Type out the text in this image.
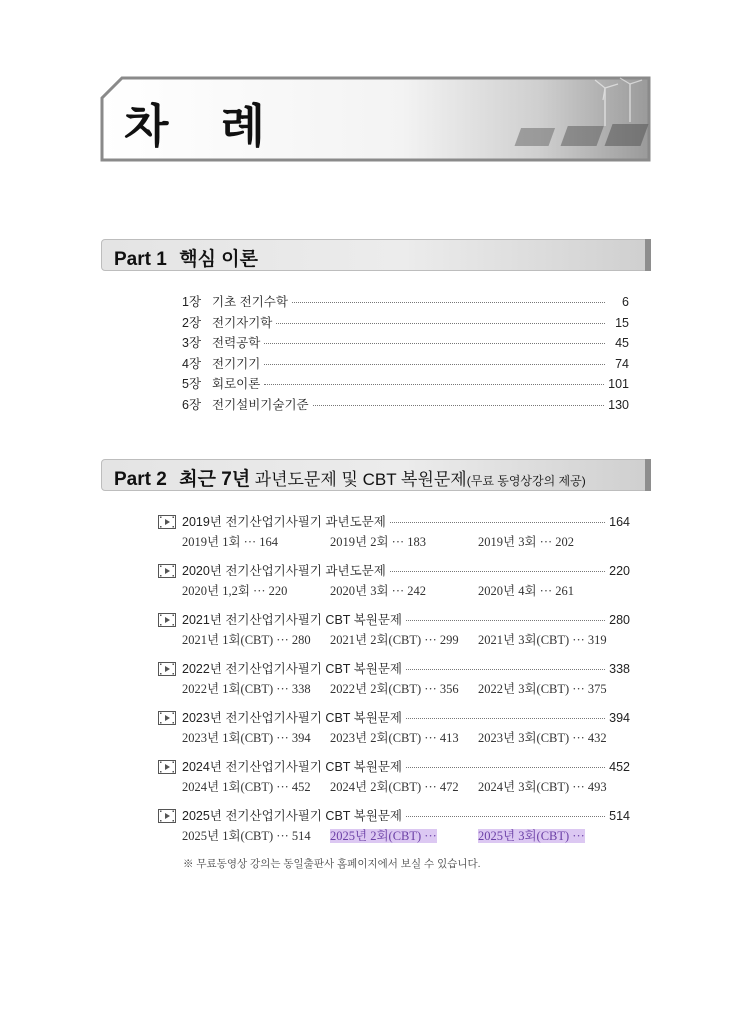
차 례
Part 1 핵심 이론
1장 기초 전기수학	6
2장 전기자기학	15
3장 전력공학	45
4장 전기기기	74
5장 회로이론	101
6장 전기설비기술기준	130
Part 2 최근 7년 과년도문제 및 CBT 복원문제(무료 동영상강의 제공)
2019년 전기산업기사필기 과년도문제	164
2019년 1회 ··· 164	2019년 2회 ··· 183	2019년 3회 ··· 202
2020년 전기산업기사필기 과년도문제	220
2020년 1,2회 ··· 220	2020년 3회 ··· 242	2020년 4회 ··· 261
2021년 전기산업기사필기 CBT 복원문제	280
2021년 1회(CBT) ··· 280	2021년 2회(CBT) ··· 299	2021년 3회(CBT) ··· 319
2022년 전기산업기사필기 CBT 복원문제	338
2022년 1회(CBT) ··· 338	2022년 2회(CBT) ··· 356	2022년 3회(CBT) ··· 375
2023년 전기산업기사필기 CBT 복원문제	394
2023년 1회(CBT) ··· 394	2023년 2회(CBT) ··· 413	2023년 3회(CBT) ··· 432
2024년 전기산업기사필기 CBT 복원문제	452
2024년 1회(CBT) ··· 452	2024년 2회(CBT) ··· 472	2024년 3회(CBT) ··· 493
2025년 전기산업기사필기 CBT 복원문제	514
2025년 1회(CBT) ··· 514	2025년 2회(CBT) ···	2025년 3회(CBT) ···
※ 무료동영상 강의는 동일출판사 홈페이지에서 보실 수 있습니다.
